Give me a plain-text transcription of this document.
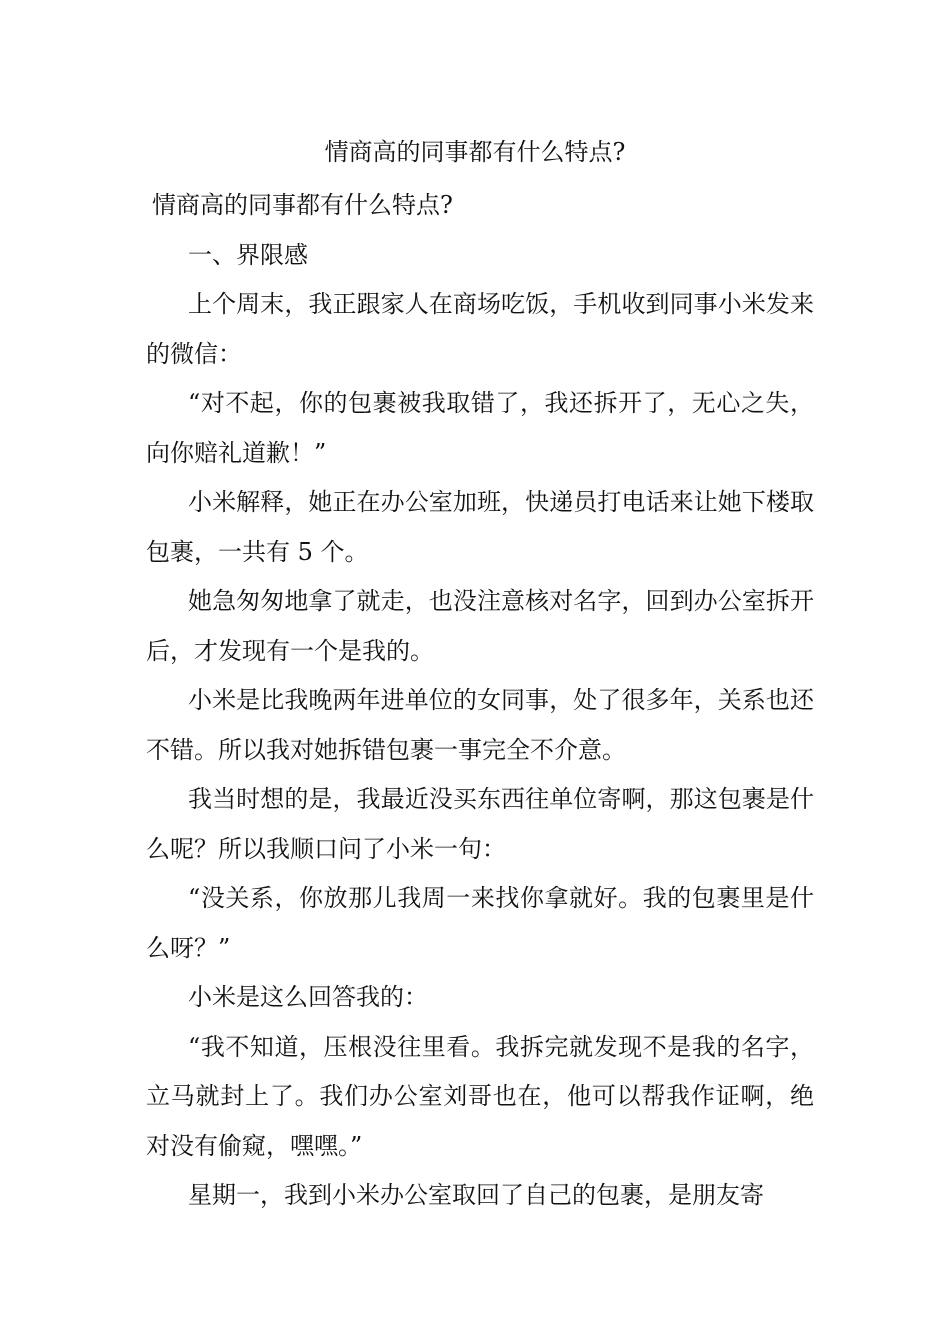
情商高的同事都有什么特点?

情商高的同事都有什么特点?

一、界限感

上个周末，我正跟家人在商场吃饭，手机收到同事小米发来的微信：

“对不起，你的包裹被我取错了，我还拆开了，无心之失，向你赔礼道歉！”

小米解释，她正在办公室加班，快递员打电话来让她下楼取包裹，一共有 5 个。

她急匆匆地拿了就走，也没注意核对名字，回到办公室拆开后，才发现有一个是我的。

小米是比我晚两年进单位的女同事，处了很多年，关系也还不错。所以我对她拆错包裹一事完全不介意。

我当时想的是，我最近没买东西往单位寄啊，那这包裹是什么呢？所以我顺口问了小米一句：

“没关系，你放那儿我周一来找你拿就好。我的包裹里是什么呀？”

小米是这么回答我的：

“我不知道，压根没往里看。我拆完就发现不是我的名字，立马就封上了。我们办公室刘哥也在，他可以帮我作证啊，绝对没有偷窥，嘿嘿。”

星期一，我到小米办公室取回了自己的包裹，是朋友寄
